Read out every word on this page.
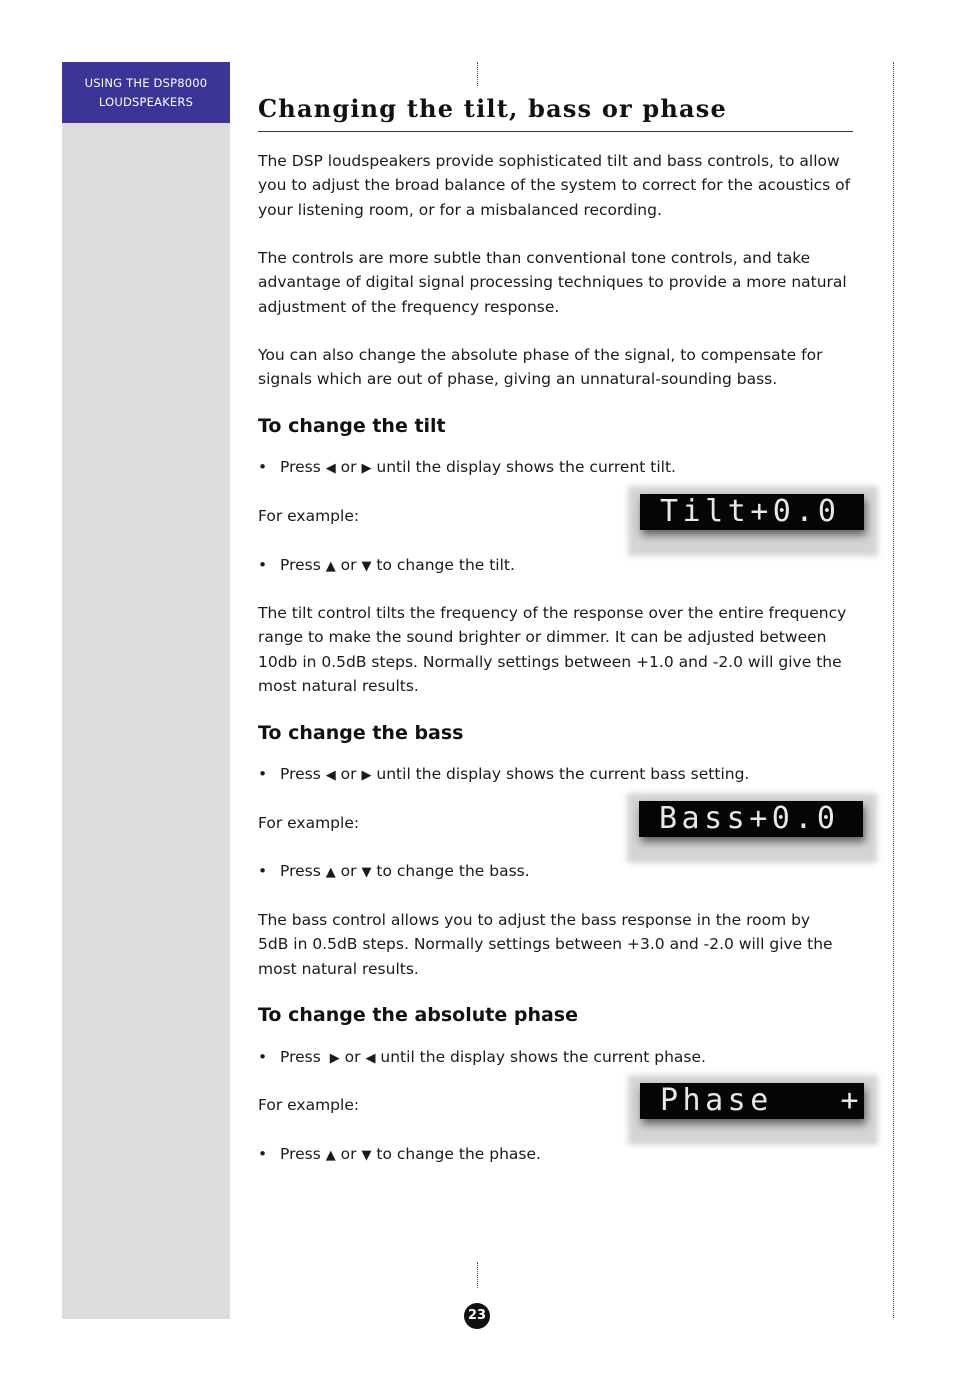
USING THE DSP8000
LOUDSPEAKERS	Changing the tilt, bass or phase

The DSP loudspeakers provide sophisticated tilt and bass controls, to allow you to adjust the broad balance of the system to correct for the acoustics of your listening room, or for a misbalanced recording.

The controls are more subtle than conventional tone controls, and take advantage of digital signal processing techniques to provide a more natural adjustment of the frequency response.

You can also change the absolute phase of the signal, to compensate for signals which are out of phase, giving an unnatural-sounding bass.

To change the tilt
• Press ◀ or ▶ until the display shows the current tilt.

For example:	Tilt+0.0
• Press ▲ or ▼ to change the tilt.

The tilt control tilts the frequency of the response over the entire frequency range to make the sound brighter or dimmer. It can be adjusted between   10db in 0.5dB steps. Normally settings between +1.0 and -2.0 will give the most natural results.

To change the bass
• Press ◀ or ▶ until the display shows the current bass setting.

For example:	Bass+0.0
• Press ▲ or ▼ to change the bass.

The bass control allows you to adjust the bass response in the room by   5dB in 0.5dB steps. Normally settings between +3.0 and -2.0 will give the most natural results.

To change the absolute phase
• Press ▶ or ◀ until the display shows the current phase.

For example:	Phase   +
• Press ▲ or ▼ to change the phase.
23
